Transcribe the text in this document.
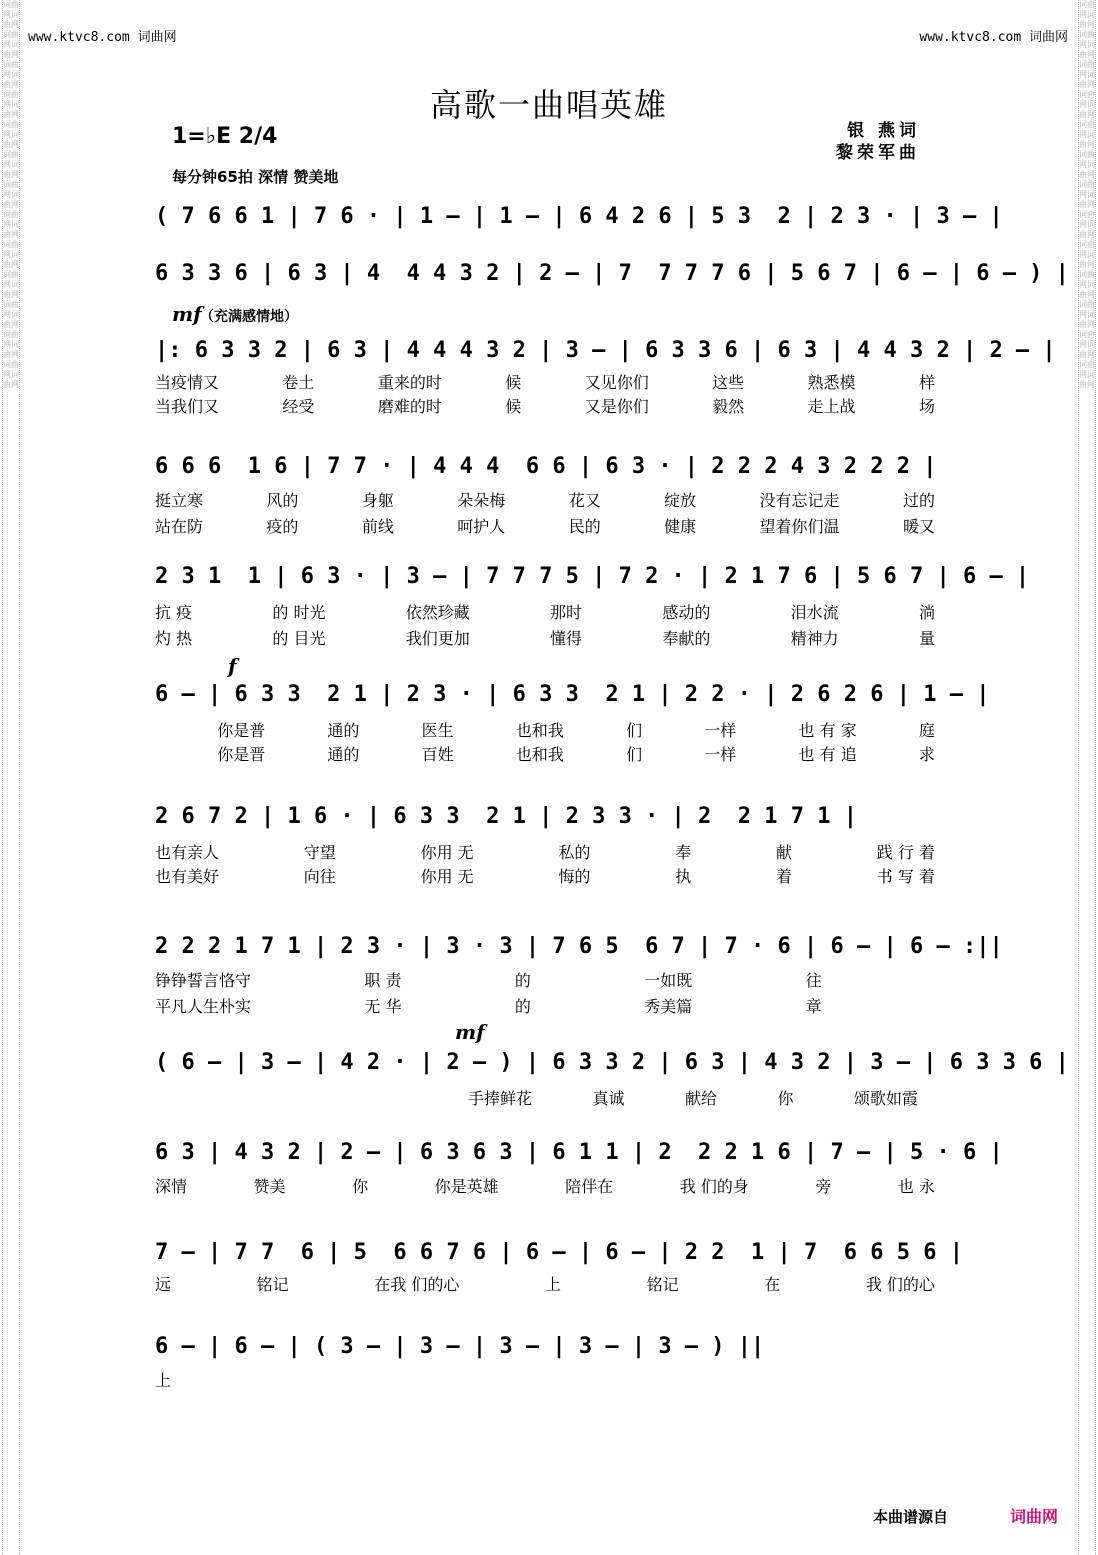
www.ktvc8.com 词曲网	www.ktvc8.com 词曲网
词曲网词曲网词曲网词曲网词曲网词曲网词曲网词曲网词曲网词曲网词曲网词曲网词曲网词曲网词曲网词曲网词曲网词曲网词曲网词曲网词曲网词曲网词曲网词曲网词曲网词曲网
词曲网词曲网词曲网词曲网词曲网词曲网词曲网词曲网词曲网词曲网词曲网词曲网词曲网词曲网词曲网词曲网词曲网词曲网词曲网词曲网词曲网词曲网词曲网词曲网词曲网词曲网
高歌一曲唱英雄
1=♭E 2/4	银 燕词
黎荣军曲
每分钟65拍 深情 赞美地
( 7 6 6 1 | 7 6 · | 1 – | 1 – | 6 4 2 6 | 5 3  2 | 2 3 · | 3 – |
6 3 3 6 | 6 3 | 4  4 4 3 2 | 2 – | 7  7 7 7 6 | 5 6 7 | 6 – | 6 – ) |
mf
（充满感情地）
|: 6 3 3 2 | 6 3 | 4 4 4 3 2 | 3 – | 6 3 3 6 | 6 3 | 4 4 3 2 | 2 – |
当疫情又	卷土	重来的时	候	又见你们	这些	熟悉模	样
当我们又	经受	磨难的时	候	又是你们	毅然	走上战	场
6 6 6  1 6 | 7 7 · | 4 4 4  6 6 | 6 3 · | 2 2 2 4 3 2 2 2 |
挺立寒	风的	身躯	朵朵梅	花又	绽放	没有忘记走	过的
站在防	疫的	前线	呵护人	民的	健康	望着你们温	暖又
2 3 1  1 | 6 3 · | 3 – | 7 7 7 5 | 7 2 · | 2 1 7 6 | 5 6 7 | 6 – |
抗 疫	的 时光	依然珍藏	那时	感动的	泪水流	淌
灼 热	的 目光	我们更加	懂得	奉献的	精神力	量
f
6 – | 6 3 3  2 1 | 2 3 · | 6 3 3  2 1 | 2 2 · | 2 6 2 6 | 1 – |
你是普	通的	医生	也和我	们	一样	也 有 家	庭
你是晋	通的	百姓	也和我	们	一样	也 有 追	求
2 6 7 2 | 1 6 · | 6 3 3  2 1 | 2 3 3 · | 2  2 1 7 1 |
也有亲人	守望	你用 无	私的	奉	献	践 行 着
也有美好	向往	你用 无	悔的	执	着	书 写 着
2 2 2 1 7 1 | 2 3 · | 3 · 3 | 7 6 5  6 7 | 7 · 6 | 6 – | 6 – :||
铮铮誓言恪守	职 责	的	一如既	往
平凡人生朴实	无 华	的	秀美篇	章
mf
( 6 – | 3 – | 4 2 · | 2 – ) | 6 3 3 2 | 6 3 | 4 3 2 | 3 – | 6 3 3 6 |
手捧鲜花	真诚	献给	你	颂歌如霞
6 3 | 4 3 2 | 2 – | 6 3 6 3 | 6 1 1 | 2  2 2 1 6 | 7 – | 5 · 6 |
深情	赞美	你	你是英雄	陪伴在	我 们的身	旁	也 永
7 – | 7 7  6 | 5  6 6 7 6 | 6 – | 6 – | 2 2  1 | 7  6 6 5 6 |
远	铭记	在我 们的心	上	铭记	在	我 们的心
6 – | 6 – | ( 3 – | 3 – | 3 – | 3 – | 3 – ) ||
上
本曲谱源自	词曲网
